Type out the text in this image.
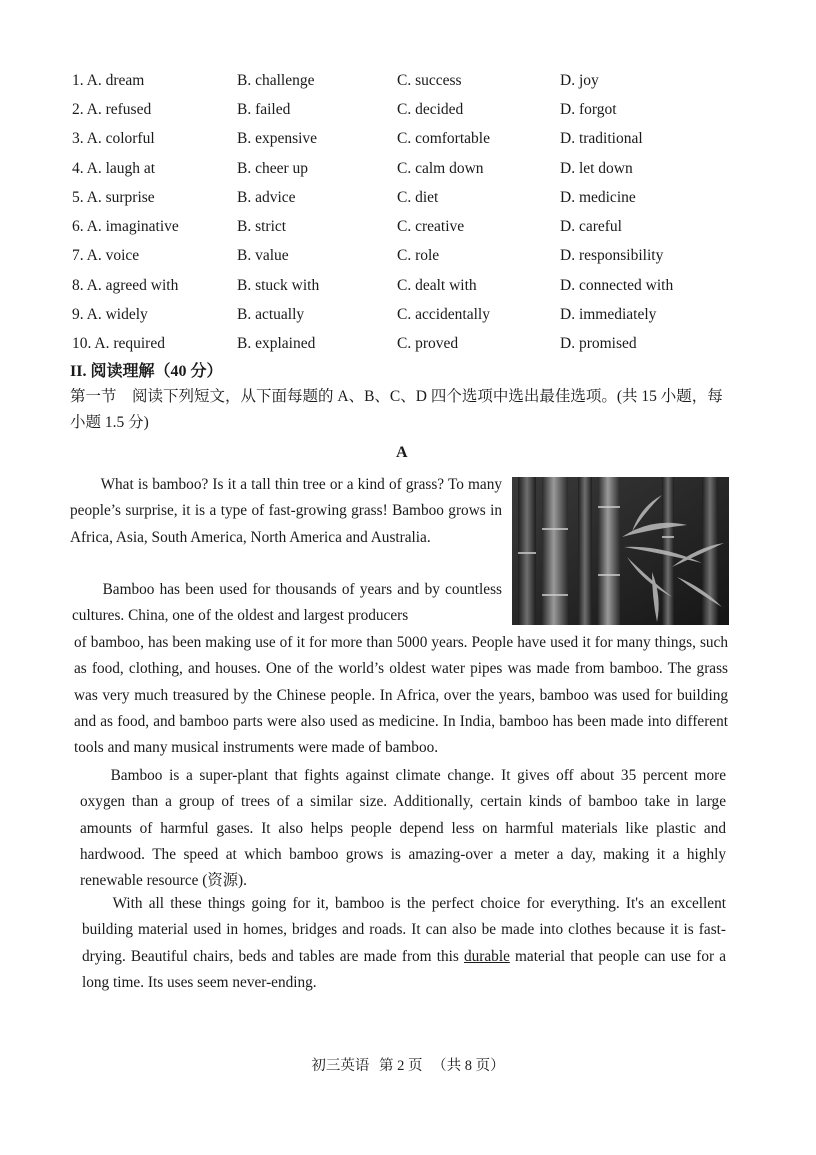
1. A. dream	B. challenge	C. success	D. joy
2. A. refused	B. failed	C. decided	D. forgot
3. A. colorful	B. expensive	C. comfortable	D. traditional
4. A. laugh at	B. cheer up	C. calm down	D. let down
5. A. surprise	B. advice	C. diet	D. medicine
6. A. imaginative	B. strict	C. creative	D. careful
7. A. voice	B. value	C. role	D. responsibility
8. A. agreed with	B. stuck with	C. dealt with	D. connected with
9. A. widely	B. actually	C. accidentally	D. immediately
10. A. required	B. explained	C. proved	D. promised
II. 阅读理解（40 分）
第一节　阅读下列短文，从下面每题的 A、B、C、D 四个选项中选出最佳选项。(共 15 小题，每小题 1.5 分)
A

What is bamboo? Is it a tall thin tree or a kind of grass? To many people’s surprise, it is a type of fast-growing grass! Bamboo grows in Africa, Asia, South America, North America and Australia.

Bamboo has been used for thousands of years and by countless cultures. China, one of the oldest and largest producers

of bamboo, has been making use of it for more than 5000 years. People have used it for many things, such as food, clothing, and houses. One of the world’s oldest water pipes was made from bamboo. The grass was very much treasured by the Chinese people. In Africa, over the years, bamboo was used for building and as food, and bamboo parts were also used as medicine. In India, bamboo has been made into different tools and many musical instruments were made of bamboo.

Bamboo is a super-plant that fights against climate change. It gives off about 35 percent more oxygen than a group of trees of a similar size. Additionally, certain kinds of bamboo take in large amounts of harmful gases. It also helps people depend less on harmful materials like plastic and hardwood. The speed at which bamboo grows is amazing-over a meter a day, making it a highly renewable resource (资源).

With all these things going for it, bamboo is the perfect choice for everything. It's an excellent building material used in homes, bridges and roads. It can also be made into clothes because it is fast-drying. Beautiful chairs, beds and tables are made from this durable material that people can use for a long time. Its uses seem never-ending.

初三英语 第 2 页 （共 8 页）
